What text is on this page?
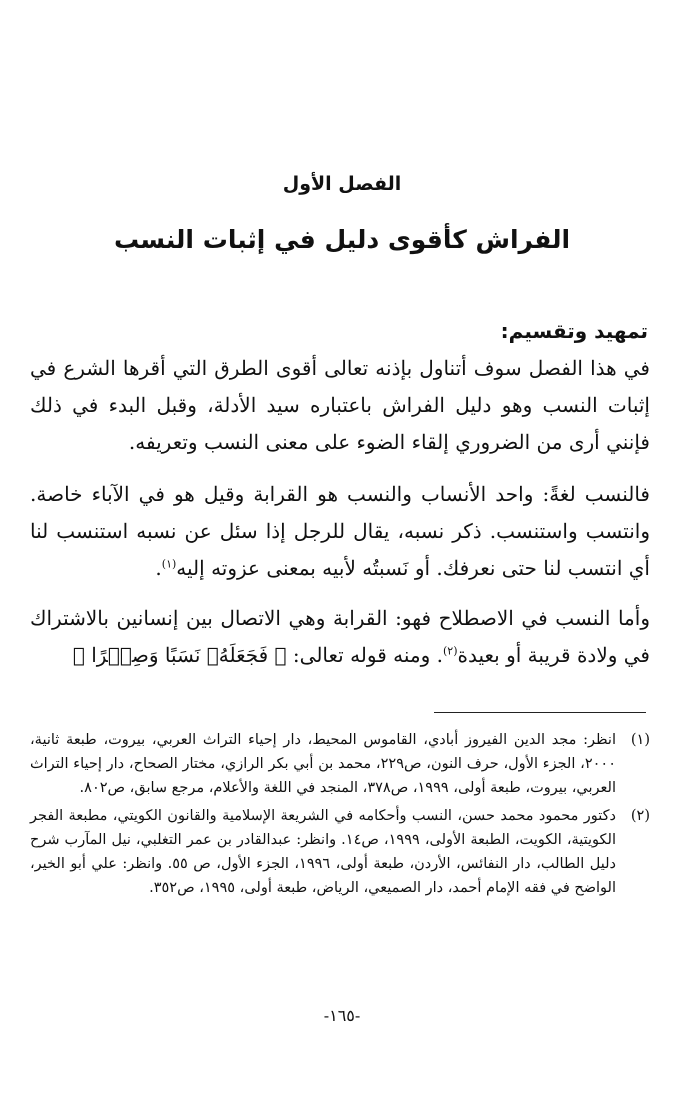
الفصل الأول
الفراش كأقوى دليل في إثبات النسب
تمهيد وتقسيم:
في هذا الفصل سوف أتناول بإذنه تعالى أقوى الطرق التي أقرها الشرع في إثبات النسب وهو دليل الفراش باعتباره سيد الأدلة، وقبل البدء في ذلك فإنني أرى من الضروري إلقاء الضوء على معنى النسب وتعريفه.
فالنسب لغةً: واحد الأنساب والنسب هو القرابة وقيل هو في الآباء خاصة. وانتسب واستنسب. ذكر نسبه، يقال للرجل إذا سئل عن نسبه استنسب لنا أي انتسب لنا حتى نعرفك. أو نَسبتُه لأبيه بمعنى عزوته إليه$^{(١)}$.
وأما النسب في الاصطلاح فهو: القرابة وهي الاتصال بين إنسانين بالاشتراك في ولادة قريبة أو بعيدة$^{(٢)}$. ومنه قوله تعالى: ﴿ فَجَعَلَهُۥ نَسَبًا وَصِهۡرًا ﴾
(١)
انظر: مجد الدين الفيروز أبادي، القاموس المحيط، دار إحياء التراث العربي، بيروت، طبعة ثانية، ٢٠٠٠، الجزء الأول، حرف النون، ص٢٢٩، محمد بن أبي بكر الرازي، مختار الصحاح، دار إحياء التراث العربي، بيروت، طبعة أولى، ١٩٩٩، ص٣٧٨، المنجد في اللغة والأعلام، مرجع سابق، ص٨٠٢.
(٢)
دكتور محمود محمد حسن، النسب وأحكامه في الشريعة الإسلامية والقانون الكويتي، مطبعة الفجر الكويتية، الكويت، الطبعة الأولى، ١٩٩٩، ص١٤. وانظر: عبدالقادر بن عمر التغلبي، نيل المآرب شرح دليل الطالب، دار النفائس، الأردن، طبعة أولى، ١٩٩٦، الجزء الأول، ص ٥٥. وانظر: علي أبو الخير، الواضح في فقه الإمام أحمد، دار الصميعي، الرياض، طبعة أولى، ١٩٩٥، ص٣٥٢.
-١٦٥-
